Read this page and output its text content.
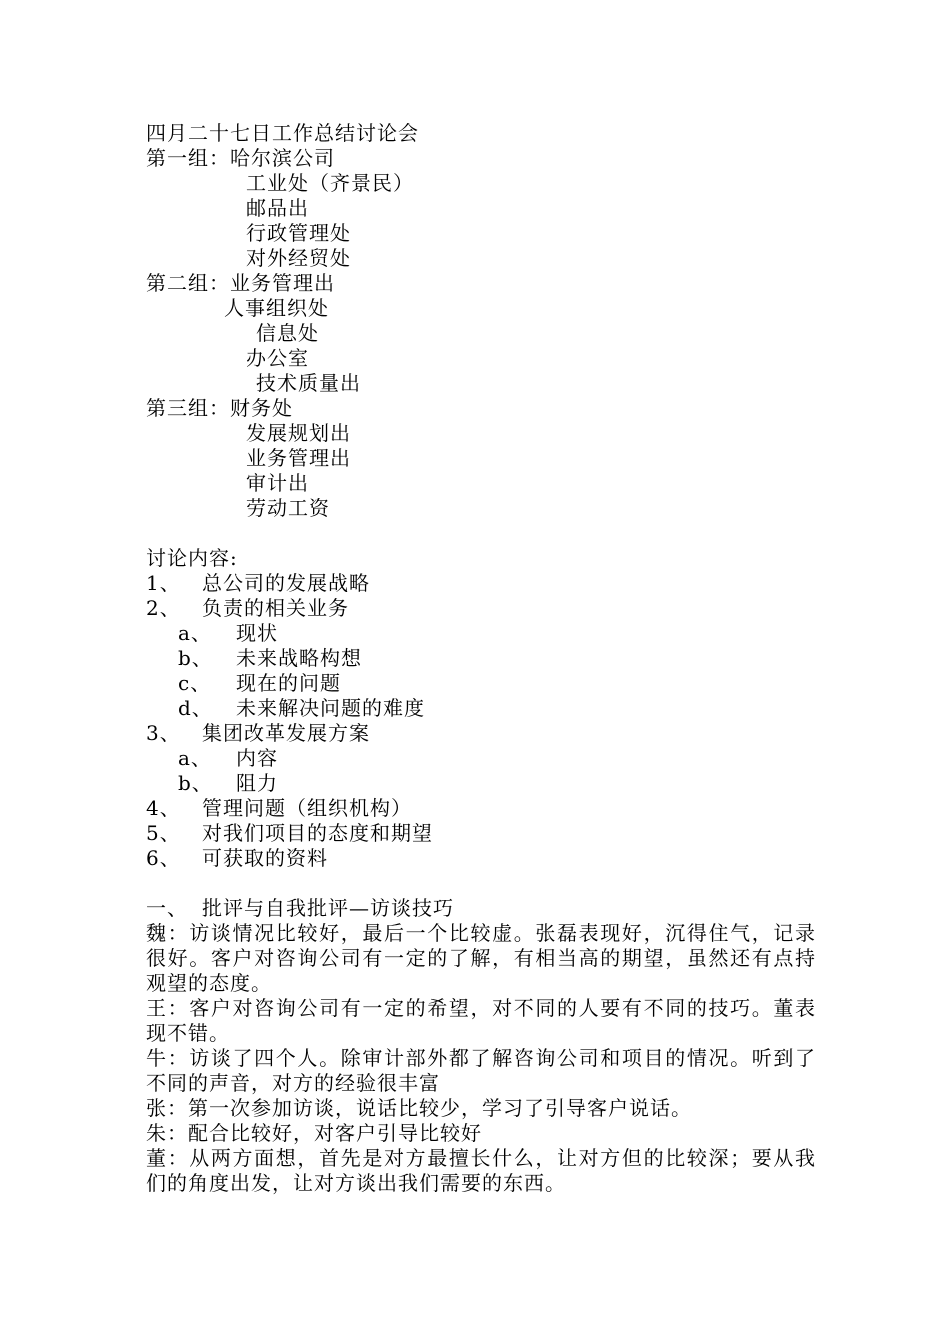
四月二十七日工作总结讨论会
第一组：哈尔滨公司
工业处（齐景民）
邮品出
行政管理处
对外经贸处
第二组：业务管理出
人事组织处
信息处
办公室
技术质量出
第三组：财务处
发展规划出
业务管理出
审计出
劳动工资
讨论内容:
1、 总公司的发展战略
2、 负责的相关业务
a、 现状
b、 未来战略构想
c、 现在的问题
d、 未来解决问题的难度
3、 集团改革发展方案
a、 内容
b、 阻力
4、 管理问题（组织机构）
5、 对我们项目的态度和期望
6、 可获取的资料
一、 批评与自我批评—访谈技巧
魏：访谈情况比较好，最后一个比较虚。张磊表现好，沉得住气，记录很好。客户对咨询公司有一定的了解，有相当高的期望，虽然还有点持观望的态度。
王：客户对咨询公司有一定的希望，对不同的人要有不同的技巧。董表现不错。
牛：访谈了四个人。除审计部外都了解咨询公司和项目的情况。听到了不同的声音，对方的经验很丰富
张：第一次参加访谈，说话比较少，学习了引导客户说话。
朱：配合比较好，对客户引导比较好
董：从两方面想，首先是对方最擅长什么，让对方但的比较深；要从我们的角度出发，让对方谈出我们需要的东西。
